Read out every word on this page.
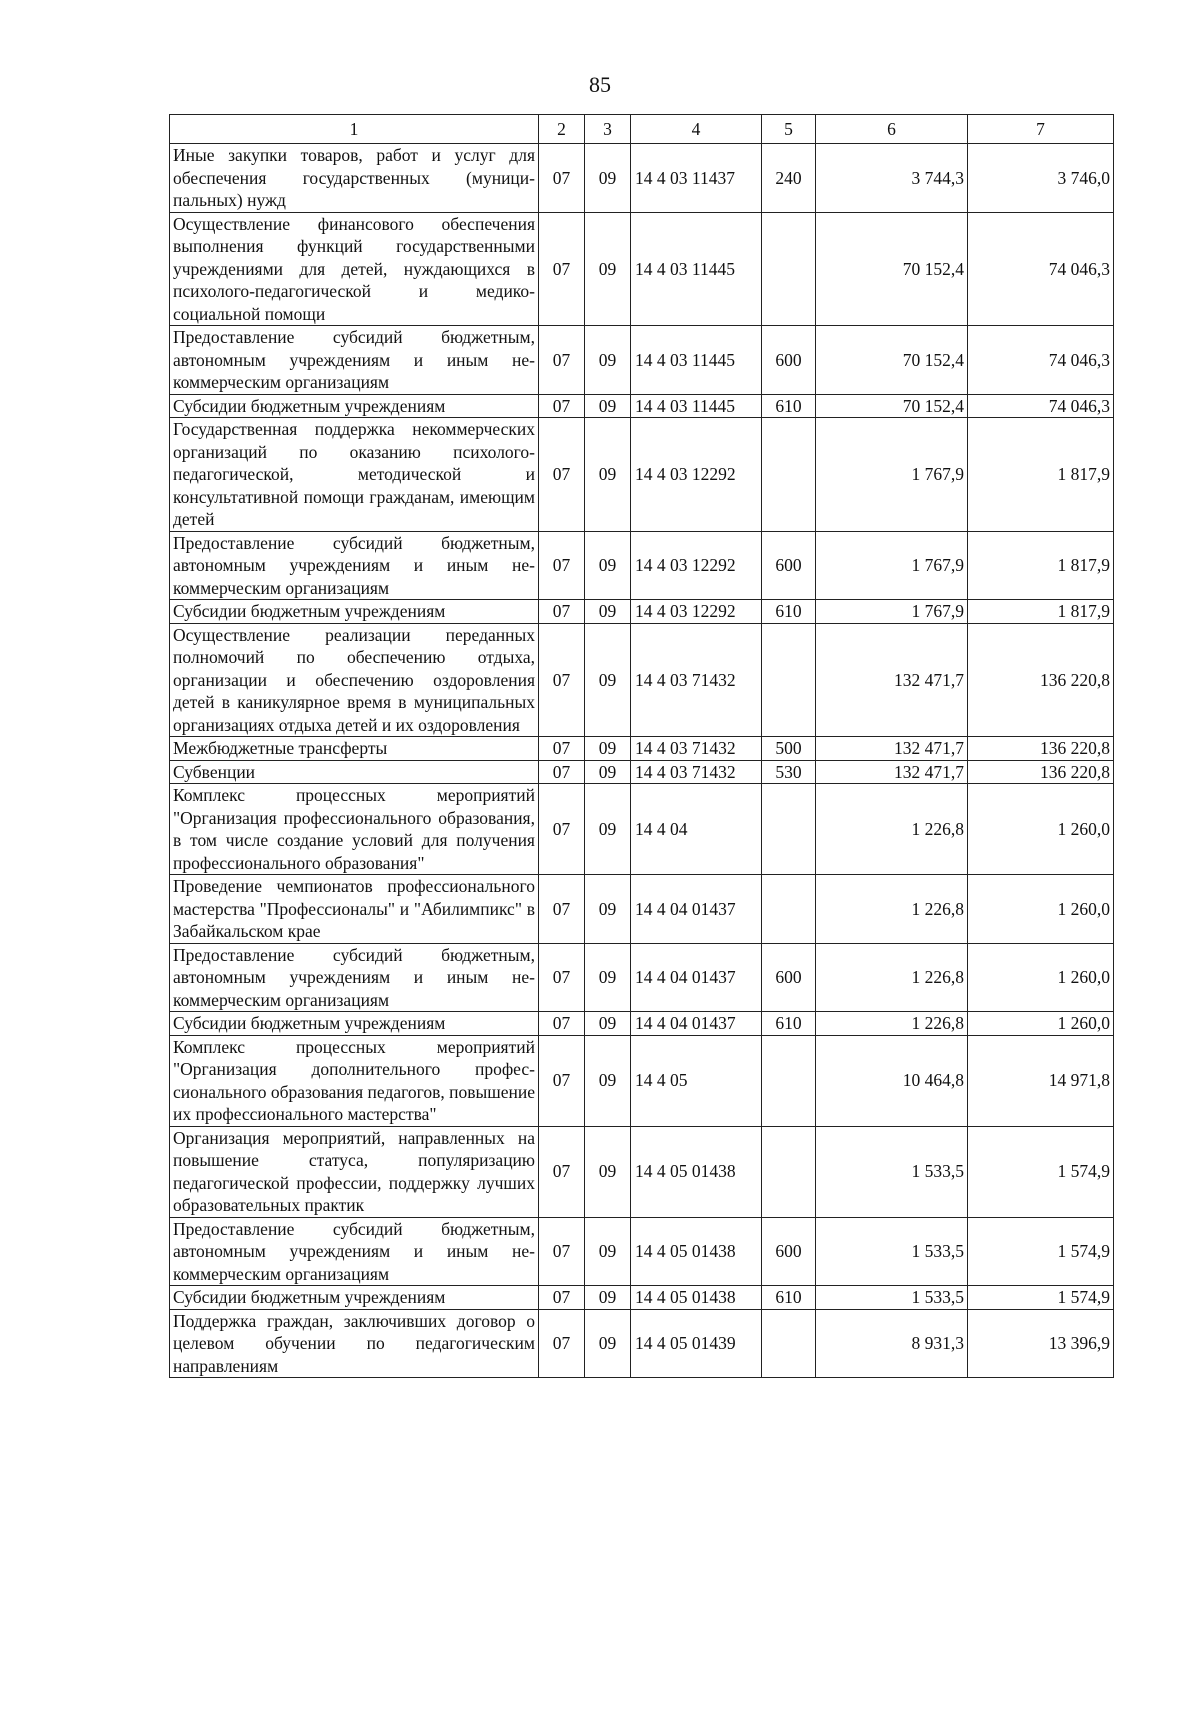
85
1	2	3	4	5	6	7
Иные закупки товаров, работ и услуг для обеспечения государственных (муниципальных) нужд	07	09	14 4 03 11437	240	3 744,3	3 746,0
Осуществление финансового обеспечения выполнения функций государственными учреждениями для детей, нуждающихся в психолого-педагогической и медико-социальной помощи	07	09	14 4 03 11445		70 152,4	74 046,3
Предоставление субсидий бюджетным, автономным учреждениям и иным некоммерческим организациям	07	09	14 4 03 11445	600	70 152,4	74 046,3
Субсидии бюджетным учреждениям	07	09	14 4 03 11445	610	70 152,4	74 046,3
Государственная поддержка некоммерческих организаций по оказанию психолого-педагогической, методической и консультативной помощи гражданам, имеющим детей	07	09	14 4 03 12292		1 767,9	1 817,9
Предоставление субсидий бюджетным, автономным учреждениям и иным некоммерческим организациям	07	09	14 4 03 12292	600	1 767,9	1 817,9
Субсидии бюджетным учреждениям	07	09	14 4 03 12292	610	1 767,9	1 817,9
Осуществление реализации переданных полномочий по обеспечению отдыха, организации и обеспечению оздоровления детей в каникулярное время в муниципальных организациях отдыха детей и их оздоровления	07	09	14 4 03 71432		132 471,7	136 220,8
Межбюджетные трансферты	07	09	14 4 03 71432	500	132 471,7	136 220,8
Субвенции	07	09	14 4 03 71432	530	132 471,7	136 220,8
Комплекс процессных мероприятий "Организация профессионального образования, в том числе создание условий для получения профессионального образования"	07	09	14 4 04		1 226,8	1 260,0
Проведение чемпионатов профессионального мастерства "Профессионалы" и "Абилимпикс" в Забайкальском крае	07	09	14 4 04 01437		1 226,8	1 260,0
Предоставление субсидий бюджетным, автономным учреждениям и иным некоммерческим организациям	07	09	14 4 04 01437	600	1 226,8	1 260,0
Субсидии бюджетным учреждениям	07	09	14 4 04 01437	610	1 226,8	1 260,0
Комплекс процессных мероприятий "Организация дополнительного профессионального образования педагогов, повышение их профессионального мастерства"	07	09	14 4 05		10 464,8	14 971,8
Организация мероприятий, направленных на повышение статуса, популяризацию педагогической профессии, поддержку лучших образовательных практик	07	09	14 4 05 01438		1 533,5	1 574,9
Предоставление субсидий бюджетным, автономным учреждениям и иным некоммерческим организациям	07	09	14 4 05 01438	600	1 533,5	1 574,9
Субсидии бюджетным учреждениям	07	09	14 4 05 01438	610	1 533,5	1 574,9
Поддержка граждан, заключивших договор о целевом обучении по педагогическим направлениям	07	09	14 4 05 01439		8 931,3	13 396,9
